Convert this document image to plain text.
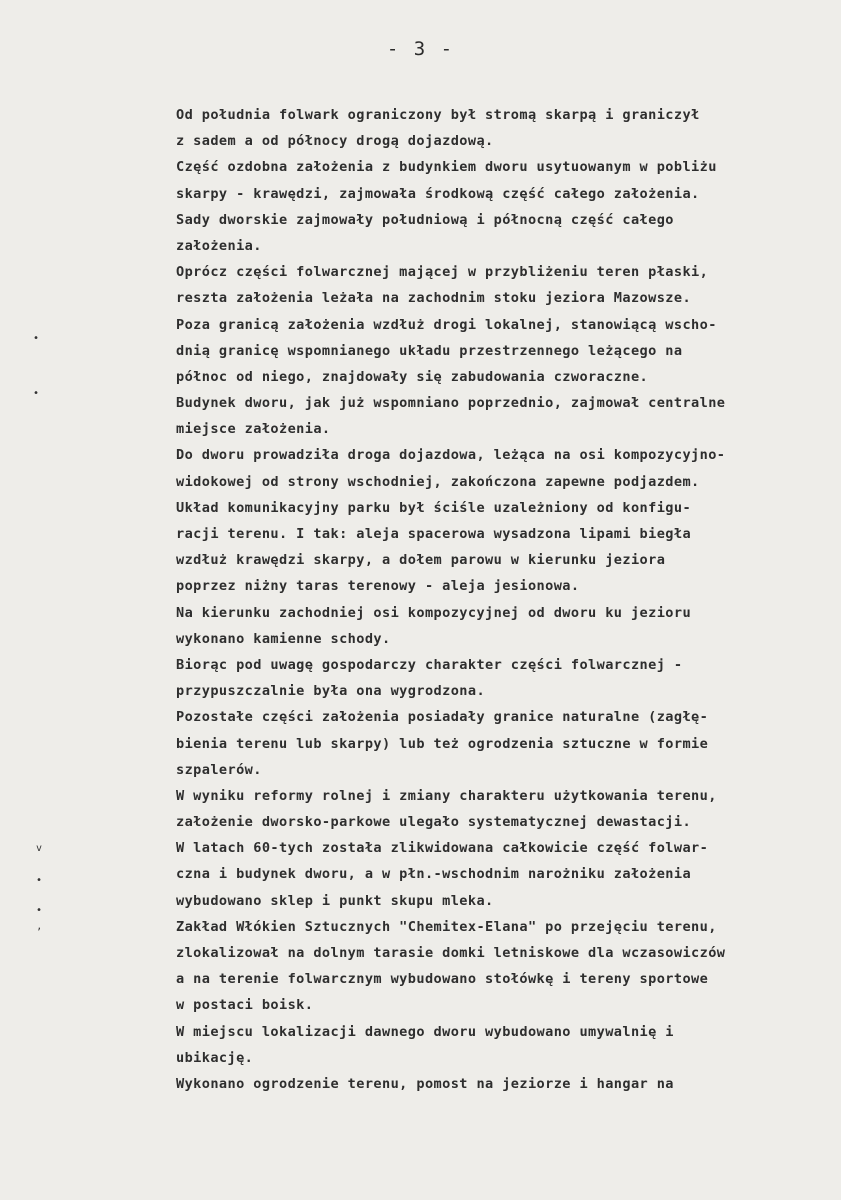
- 3 -
•
•
v
•
•
ʼ
Od południa folwark ograniczony był stromą skarpą i graniczył
z sadem a od północy drogą dojazdową.
Część ozdobna założenia z budynkiem dworu usytuowanym w pobliżu
skarpy - krawędzi, zajmowała środkową część całego założenia.
Sady dworskie zajmowały południową i północną część całego
założenia.
Oprócz części folwarcznej mającej w przybliżeniu teren płaski,
reszta założenia leżała na zachodnim stoku jeziora Mazowsze.
Poza granicą założenia wzdłuż drogi lokalnej, stanowiącą wscho-
dnią granicę wspomnianego układu przestrzennego leżącego na
północ od niego, znajdowały się zabudowania czworaczne.
Budynek dworu, jak już wspomniano poprzednio, zajmował centralne
miejsce założenia.
Do dworu prowadziła droga dojazdowa, leżąca na osi kompozycyjno-
widokowej od strony wschodniej, zakończona zapewne podjazdem.
Układ komunikacyjny parku był ściśle uzależniony od konfigu-
racji terenu. I tak: aleja spacerowa wysadzona lipami biegła
wzdłuż krawędzi skarpy, a dołem parowu w kierunku jeziora
poprzez niżny taras terenowy - aleja jesionowa.
Na kierunku zachodniej osi kompozycyjnej od dworu ku jezioru
wykonano kamienne schody.
Biorąc pod uwagę gospodarczy charakter części folwarcznej -
przypuszczalnie była ona wygrodzona.
Pozostałe części założenia posiadały granice naturalne (zagłę-
bienia terenu lub skarpy) lub też ogrodzenia sztuczne w formie
szpalerów.
W wyniku reformy rolnej i zmiany charakteru użytkowania terenu,
założenie dworsko-parkowe ulegało systematycznej dewastacji.
W latach 60-tych została zlikwidowana całkowicie część folwar-
czna i budynek dworu, a w płn.-wschodnim narożniku założenia
wybudowano sklep i punkt skupu mleka.
Zakład Włókien Sztucznych "Chemitex-Elana" po przejęciu terenu,
zlokalizował na dolnym tarasie domki letniskowe dla wczasowiczów
a na terenie folwarcznym wybudowano stołówkę i tereny sportowe
w postaci boisk.
W miejscu lokalizacji dawnego dworu wybudowano umywalnię i
ubikację.
Wykonano ogrodzenie terenu, pomost na jeziorze i hangar na
